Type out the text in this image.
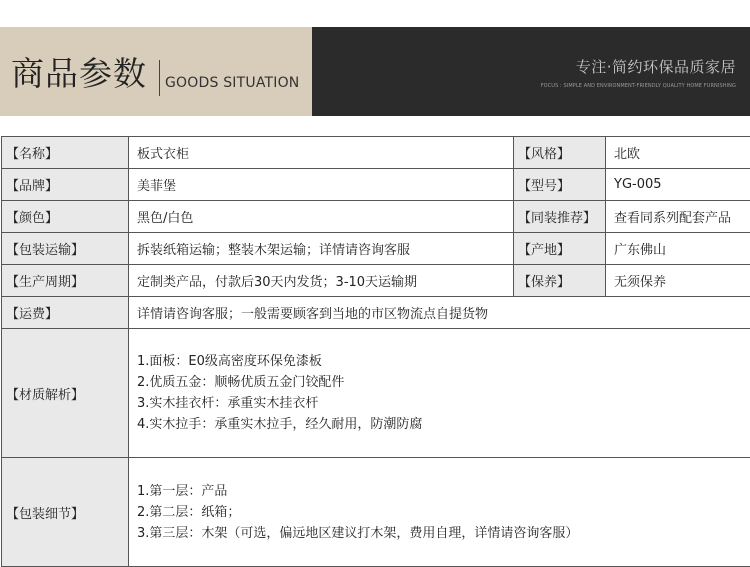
商品参数 GOODS SITUATION
专注·简约环保品质家居
FOCUS : SIMPLE AND ENVIRONMENT-FRIENDLY QUALITY HOME FURNISHING
【名称】	板式衣柜	【风格】	北欧
【品牌】	美菲堡	【型号】	YG-005
【颜色】	黑色/白色	【同装推荐】	查看同系列配套产品
【包装运输】	拆装纸箱运输；整装木架运输；详情请咨询客服	【产地】	广东佛山
【生产周期】	定制类产品，付款后30天内发货；3-10天运输期	【保养】	无须保养
【运费】	详情请咨询客服；一般需要顾客到当地的市区物流点自提货物		
【材质解析】	1.面板：E0级高密度环保免漆板
2.优质五金：顺畅优质五金门铰配件
3.实木挂衣杆：承重实木挂衣杆
4.实木拉手：承重实木拉手，经久耐用，防潮防腐		

【包装细节】	1.第一层：产品
2.第二层：纸箱；
3.第三层：木架（可选，偏远地区建议打木架，费用自理，详情请咨询客服）		
